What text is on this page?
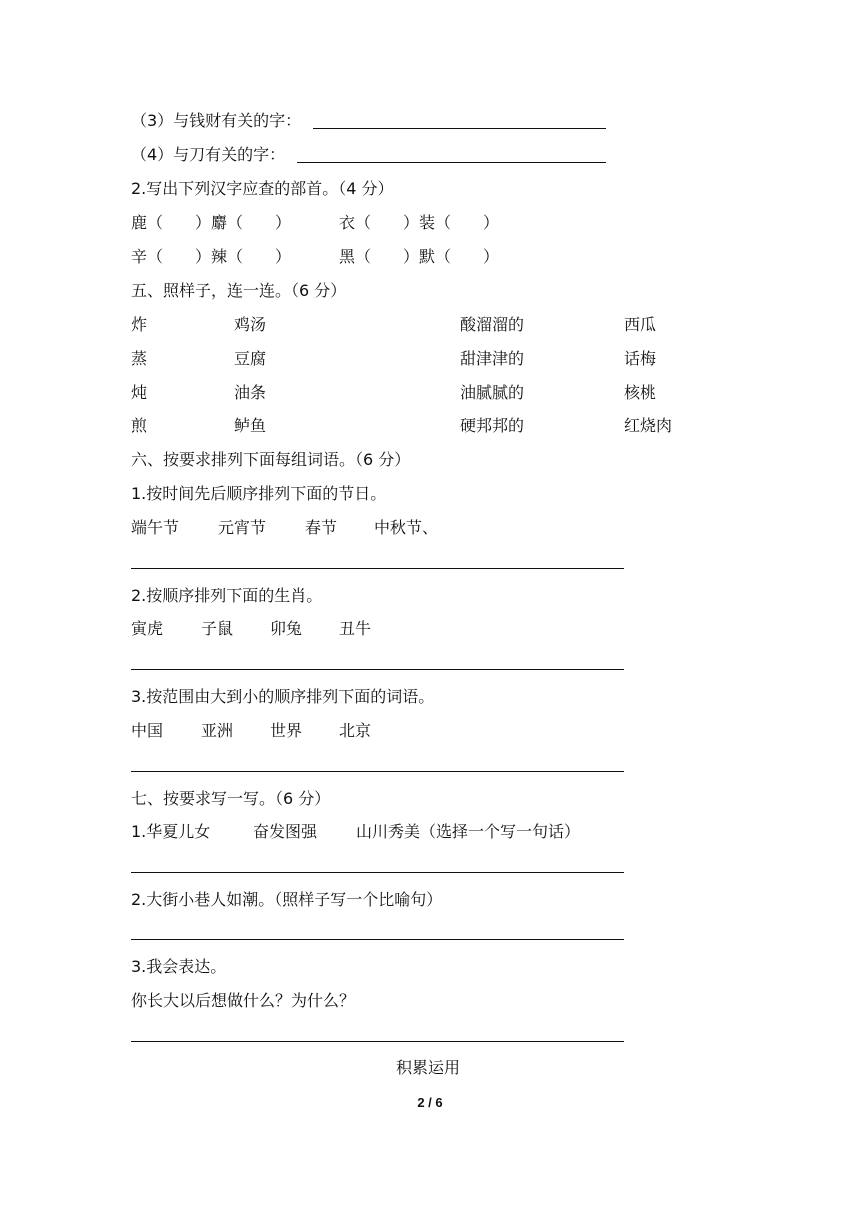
（3）与钱财有关的字：
（4）与刀有关的字：
2.写出下列汉字应查的部首。（4 分）
鹿（　　）麝（　　）	衣（　　）装（　　）
辛（　　）辣（　　）	黑（　　）默（　　）
五、照样子，连一连。（6 分）
炸	鸡汤	酸溜溜的	西瓜
蒸	豆腐	甜津津的	话梅
炖	油条	油腻腻的	核桃
煎	鲈鱼	硬邦邦的	红烧肉
六、按要求排列下面每组词语。（6 分）
1.按时间先后顺序排列下面的节日。
端午节 元宵节 春节 中秋节、
2.按顺序排列下面的生肖。
寅虎 子鼠 卯兔 丑牛
3.按范围由大到小的顺序排列下面的词语。
中国 亚洲 世界 北京
七、按要求写一写。（6 分）
1.华夏儿女	奋发图强 山川秀美（选择一个写一句话）
2.大街小巷人如潮。（照样子写一个比喻句）
3.我会表达。
你长大以后想做什么？为什么？
积累运用
2 / 6
